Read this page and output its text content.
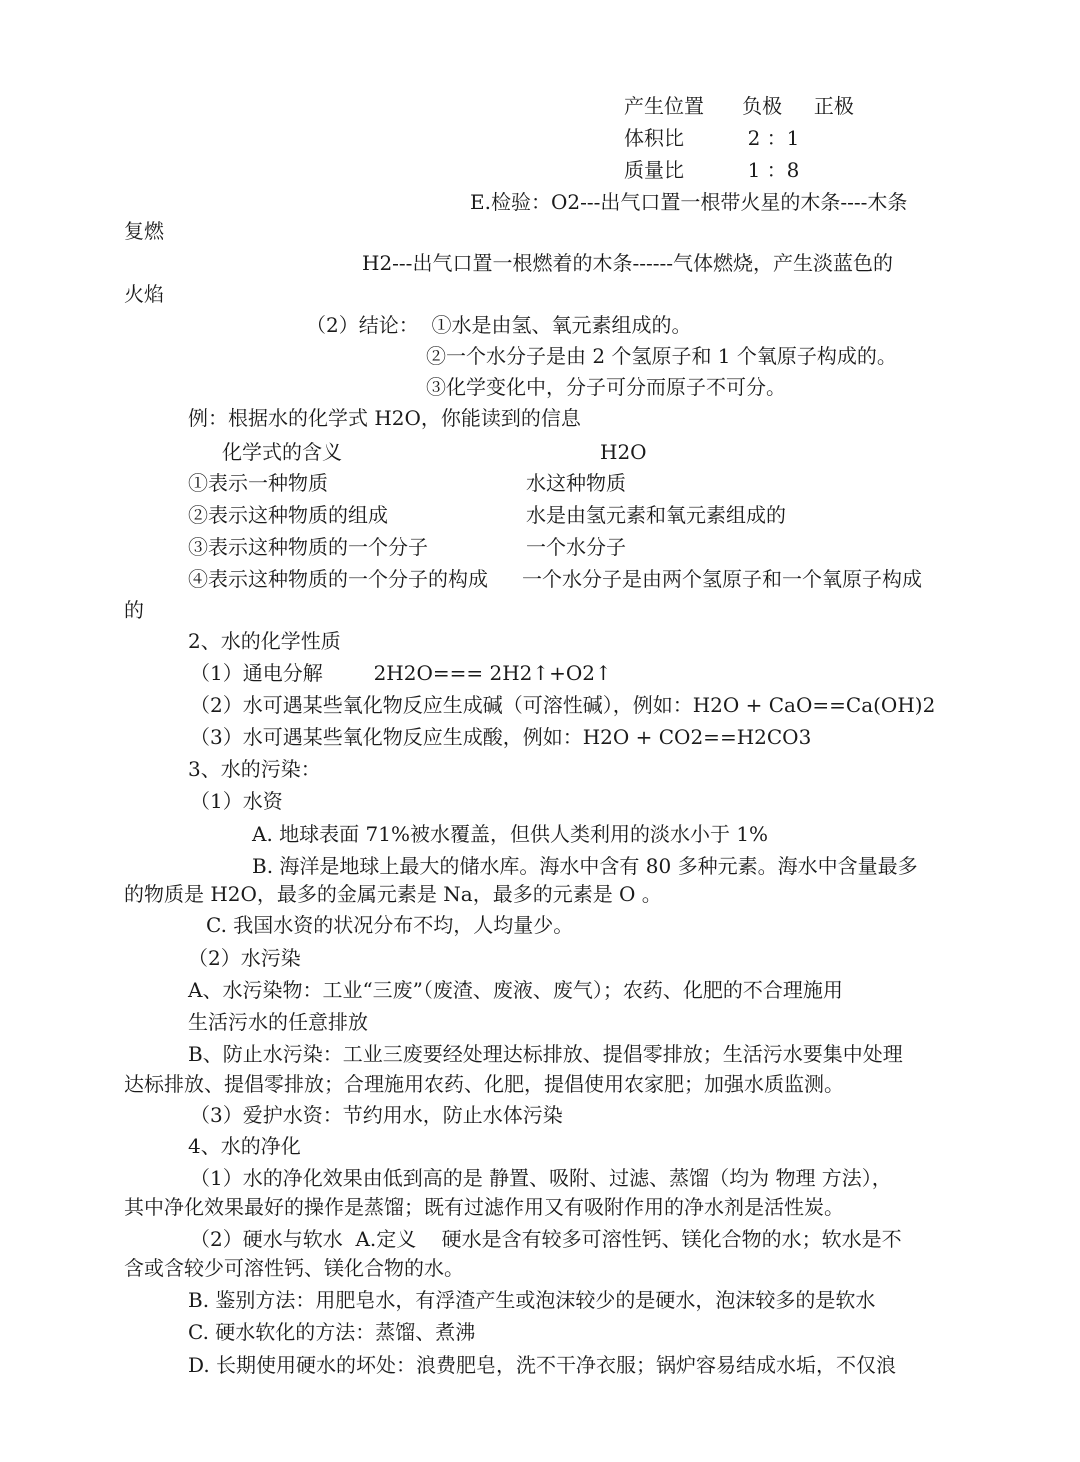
产生位置      负极     正极
体积比          2 ：1
质量比          1 ：8
E.检验：O2---出气口置一根带火星的木条----木条
复燃
H2---出气口置一根燃着的木条------气体燃烧，产生淡蓝色的
火焰
（2）结论：  ①水是由氢、氧元素组成的。
②一个水分子是由 2 个氢原子和 1 个氧原子构成的。
③化学变化中，分子可分而原子不可分。
例：根据水的化学式 H2O，你能读到的信息
化学式的含义	H2O
①表示一种物质	水这种物质
②表示这种物质的组成	水是由氢元素和氧元素组成的
③表示这种物质的一个分子	一个水分子
④表示这种物质的一个分子的构成 一个水分子是由两个氢原子和一个氧原子构成
的
2、水的化学性质
（1）通电分解        2H2O=== 2H2↑+O2↑
（2）水可遇某些氧化物反应生成碱（可溶性碱），例如：H2O + CaO==Ca(OH)2
（3）水可遇某些氧化物反应生成酸，例如：H2O + CO2==H2CO3
3、水的污染：
（1）水资
A. 地球表面 71%被水覆盖，但供人类利用的淡水小于 1%
B. 海洋是地球上最大的储水库。海水中含有 80 多种元素。海水中含量最多
的物质是 H2O，最多的金属元素是 Na，最多的元素是 O 。
C. 我国水资的状况分布不均，人均量少。
（2）水污染
A、水污染物：工业“三废”（废渣、废液、废气）；农药、化肥的不合理施用
生活污水的任意排放
B、防止水污染：工业三废要经处理达标排放、提倡零排放；生活污水要集中处理
达标排放、提倡零排放；合理施用农药、化肥，提倡使用农家肥；加强水质监测。
（3）爱护水资：节约用水，防止水体污染
4、水的净化
（1）水的净化效果由低到高的是 静置、吸附、过滤、蒸馏（均为 物理 方法），
其中净化效果最好的操作是蒸馏；既有过滤作用又有吸附作用的净水剂是活性炭。
（2）硬水与软水  A.定义    硬水是含有较多可溶性钙、镁化合物的水；软水是不
含或含较少可溶性钙、镁化合物的水。
B. 鉴别方法：用肥皂水，有浮渣产生或泡沫较少的是硬水，泡沫较多的是软水
C. 硬水软化的方法：蒸馏、煮沸
D. 长期使用硬水的坏处：浪费肥皂，洗不干净衣服；锅炉容易结成水垢，不仅浪
